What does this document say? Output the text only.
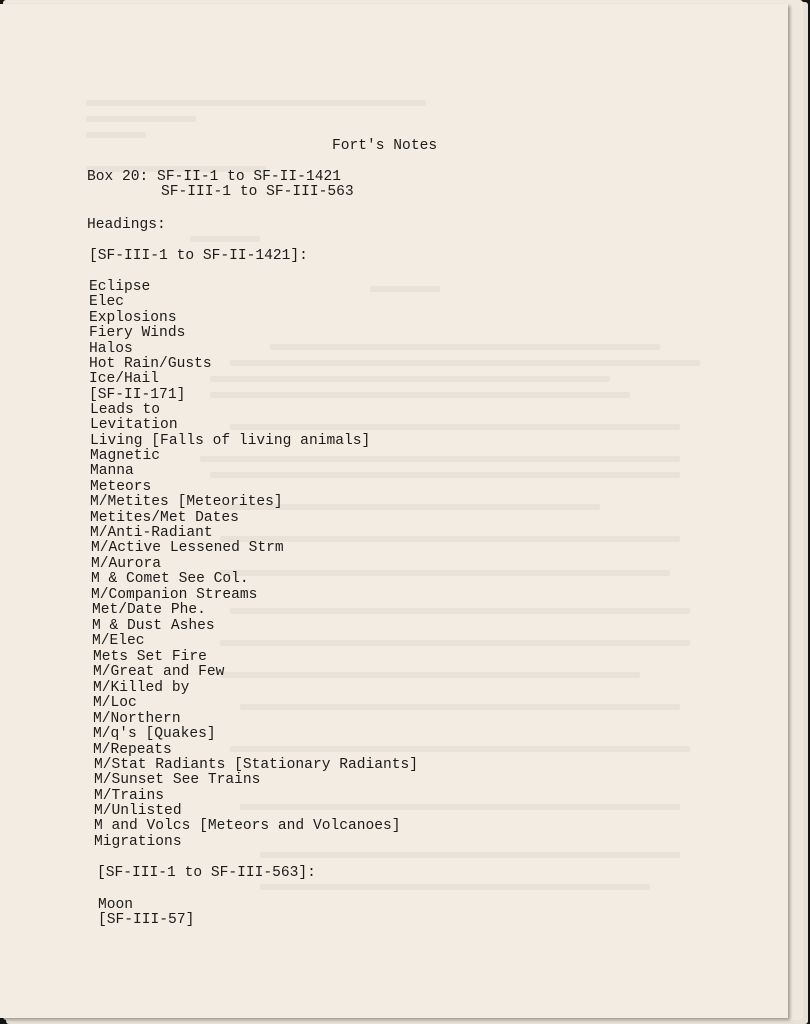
Fort's Notes
Box 20: SF-II-1 to SF-II-1421
SF-III-1 to SF-III-563
Headings:
[SF-III-1 to SF-II-1421]:
Eclipse
Elec
Explosions
Fiery Winds
Halos
Hot Rain/Gusts
Ice/Hail
[SF-II-171]
Leads to
Levitation
Living [Falls of living animals]
Magnetic
Manna
Meteors
M/Metites [Meteorites]
Metites/Met Dates
M/Anti-Radiant
M/Active Lessened Strm
M/Aurora
M & Comet See Col.
M/Companion Streams
Met/Date Phe.
M & Dust Ashes
M/Elec
Mets Set Fire
M/Great and Few
M/Killed by
M/Loc
M/Northern
M/q's [Quakes]
M/Repeats
M/Stat Radiants [Stationary Radiants]
M/Sunset See Trains
M/Trains
M/Unlisted
M and Volcs [Meteors and Volcanoes]
Migrations
[SF-III-1 to SF-III-563]:
Moon
[SF-III-57]
